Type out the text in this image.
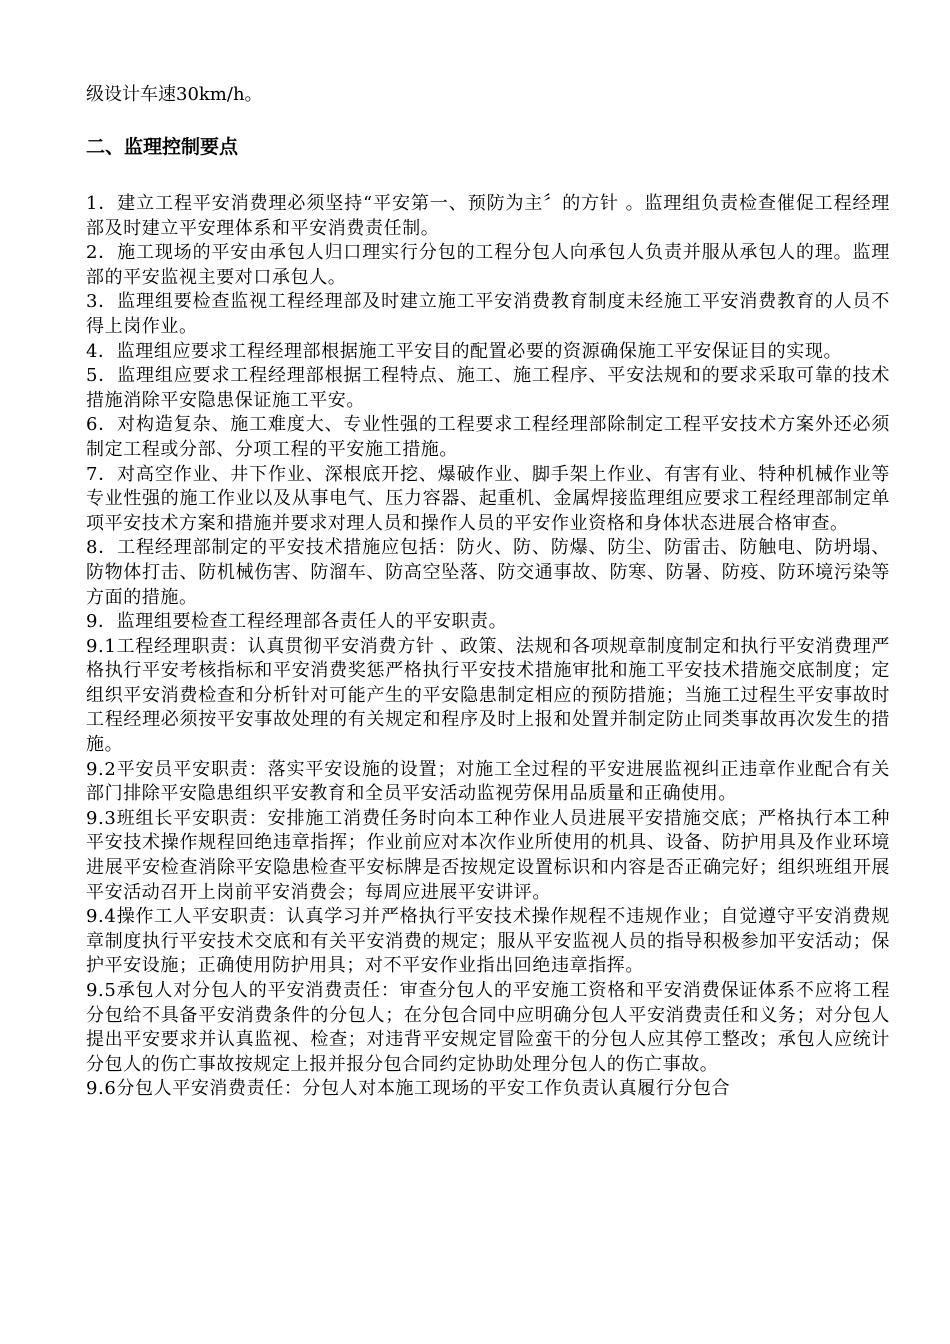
级设计车速30km/h。

二、监理控制要点

1．建立工程平安消费理必须坚持“平安第一、预防为主〞的方针 。监理组负责检查催促工程经理部及时建立平安理体系和平安消费责任制。

2．施工现场的平安由承包人归口理实行分包的工程分包人向承包人负责并服从承包人的理。监理部的平安监视主要对口承包人。

3．监理组要检查监视工程经理部及时建立施工平安消费教育制度未经施工平安消费教育的人员不得上岗作业。

4．监理组应要求工程经理部根据施工平安目的配置必要的资源确保施工平安保证目的实现。

5．监理组应要求工程经理部根据工程特点、施工、施工程序、平安法规和的要求采取可靠的技术措施消除平安隐患保证施工平安。

6．对构造复杂、施工难度大、专业性强的工程要求工程经理部除制定工程平安技术方案外还必须制定工程或分部、分项工程的平安施工措施。

7．对高空作业、井下作业、深根底开挖、爆破作业、脚手架上作业、有害有业、特种机械作业等专业性强的施工作业以及从事电气、压力容器、起重机、金属焊接监理组应要求工程经理部制定单项平安技术方案和措施并要求对理人员和操作人员的平安作业资格和身体状态进展合格审查。

8．工程经理部制定的平安技术措施应包括：防火、防、防爆、防尘、防雷击、防触电、防坍塌、防物体打击、防机械伤害、防溜车、防高空坠落、防交通事故、防寒、防暑、防疫、防环境污染等方面的措施。

9．监理组要检查工程经理部各责任人的平安职责。

9.1工程经理职责：认真贯彻平安消费方针 、政策、法规和各项规章制度制定和执行平安消费理严格执行平安考核指标和平安消费奖惩严格执行平安技术措施审批和施工平安技术措施交底制度；定组织平安消费检查和分析针对可能产生的平安隐患制定相应的预防措施；当施工过程生平安事故时工程经理必须按平安事故处理的有关规定和程序及时上报和处置并制定防止同类事故再次发生的措施。

9.2平安员平安职责：落实平安设施的设置；对施工全过程的平安进展监视纠正违章作业配合有关部门排除平安隐患组织平安教育和全员平安活动监视劳保用品质量和正确使用。

9.3班组长平安职责：安排施工消费任务时向本工种作业人员进展平安措施交底；严格执行本工种平安技术操作规程回绝违章指挥；作业前应对本次作业所使用的机具、设备、防护用具及作业环境进展平安检查消除平安隐患检查平安标牌是否按规定设置标识和内容是否正确完好；组织班组开展平安活动召开上岗前平安消费会；每周应进展平安讲评。

9.4操作工人平安职责：认真学习并严格执行平安技术操作规程不违规作业；自觉遵守平安消费规章制度执行平安技术交底和有关平安消费的规定；服从平安监视人员的指导积极参加平安活动；保护平安设施；正确使用防护用具；对不平安作业指出回绝违章指挥。

9.5承包人对分包人的平安消费责任：审查分包人的平安施工资格和平安消费保证体系不应将工程分包给不具备平安消费条件的分包人；在分包合同中应明确分包人平安消费责任和义务；对分包人提出平安要求并认真监视、检查；对违背平安规定冒险蛮干的分包人应其停工整改；承包人应统计分包人的伤亡事故按规定上报并报分包合同约定协助处理分包人的伤亡事故。

9.6分包人平安消费责任：分包人对本施工现场的平安工作负责认真履行分包合
